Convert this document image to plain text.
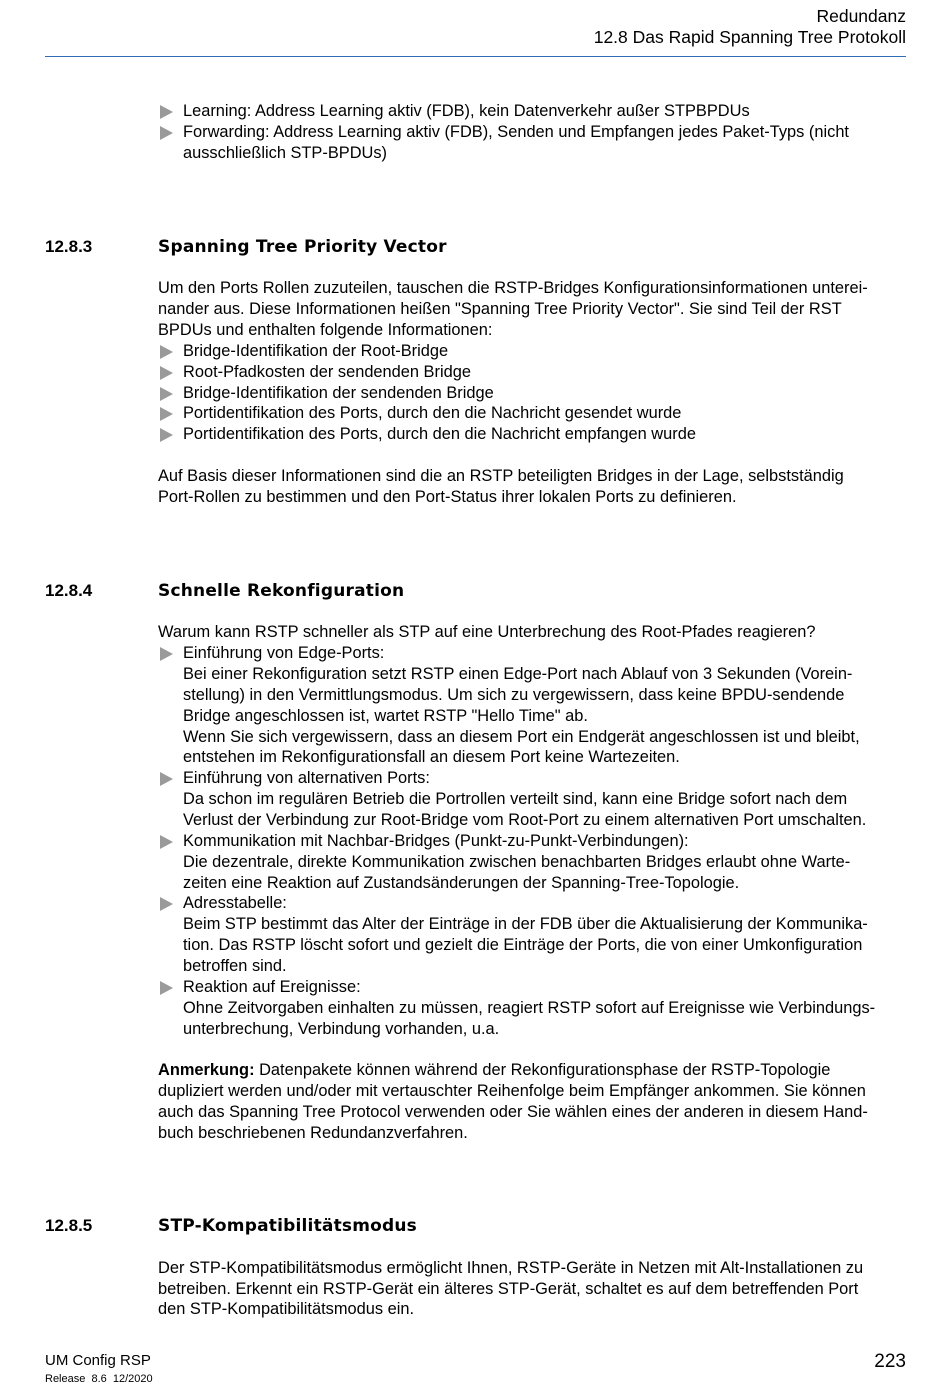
Redundanz
12.8 Das Rapid Spanning Tree Protokoll
Learning: Address Learning aktiv (FDB), kein Datenverkehr außer STPBPDUs
Forwarding: Address Learning aktiv (FDB), Senden und Empfangen jedes Paket-Typs (nicht
ausschließlich STP-BPDUs)
12.8.3	Spanning Tree Priority Vector
Um den Ports Rollen zuzuteilen, tauschen die RSTP-Bridges Konfigurationsinformationen unterei-
nander aus. Diese Informationen heißen "Spanning Tree Priority Vector". Sie sind Teil der RST
BPDUs und enthalten folgende Informationen:
Bridge-Identifikation der Root-Bridge
Root-Pfadkosten der sendenden Bridge
Bridge-Identifikation der sendenden Bridge
Portidentifikation des Ports, durch den die Nachricht gesendet wurde
Portidentifikation des Ports, durch den die Nachricht empfangen wurde
Auf Basis dieser Informationen sind die an RSTP beteiligten Bridges in der Lage, selbstständig
Port-Rollen zu bestimmen und den Port-Status ihrer lokalen Ports zu definieren.
12.8.4	Schnelle Rekonfiguration
Warum kann RSTP schneller als STP auf eine Unterbrechung des Root-Pfades reagieren?
Einführung von Edge-Ports:
Bei einer Rekonfiguration setzt RSTP einen Edge-Port nach Ablauf von 3 Sekunden (Vorein-
stellung) in den Vermittlungsmodus. Um sich zu vergewissern, dass keine BPDU-sendende
Bridge angeschlossen ist, wartet RSTP "Hello Time" ab.
Wenn Sie sich vergewissern, dass an diesem Port ein Endgerät angeschlossen ist und bleibt,
entstehen im Rekonfigurationsfall an diesem Port keine Wartezeiten.
Einführung von alternativen Ports:
Da schon im regulären Betrieb die Portrollen verteilt sind, kann eine Bridge sofort nach dem
Verlust der Verbindung zur Root-Bridge vom Root-Port zu einem alternativen Port umschalten.
Kommunikation mit Nachbar-Bridges (Punkt-zu-Punkt-Verbindungen):
Die dezentrale, direkte Kommunikation zwischen benachbarten Bridges erlaubt ohne Warte-
zeiten eine Reaktion auf Zustandsänderungen der Spanning-Tree-Topologie.
Adresstabelle:
Beim STP bestimmt das Alter der Einträge in der FDB über die Aktualisierung der Kommunika-
tion. Das RSTP löscht sofort und gezielt die Einträge der Ports, die von einer Umkonfiguration
betroffen sind.
Reaktion auf Ereignisse:
Ohne Zeitvorgaben einhalten zu müssen, reagiert RSTP sofort auf Ereignisse wie Verbindungs-
unterbrechung, Verbindung vorhanden, u.a.
Anmerkung: Datenpakete können während der Rekonfigurationsphase der RSTP-Topologie
dupliziert werden und/oder mit vertauschter Reihenfolge beim Empfänger ankommen. Sie können
auch das Spanning Tree Protocol verwenden oder Sie wählen eines der anderen in diesem Hand-
buch beschriebenen Redundanzverfahren.
12.8.5	STP-Kompatibilitätsmodus
Der STP-Kompatibilitätsmodus ermöglicht Ihnen, RSTP-Geräte in Netzen mit Alt-Installationen zu
betreiben. Erkennt ein RSTP-Gerät ein älteres STP-Gerät, schaltet es auf dem betreffenden Port
den STP-Kompatibilitätsmodus ein.
UM Config RSP
Release  8.6  12/2020
223
